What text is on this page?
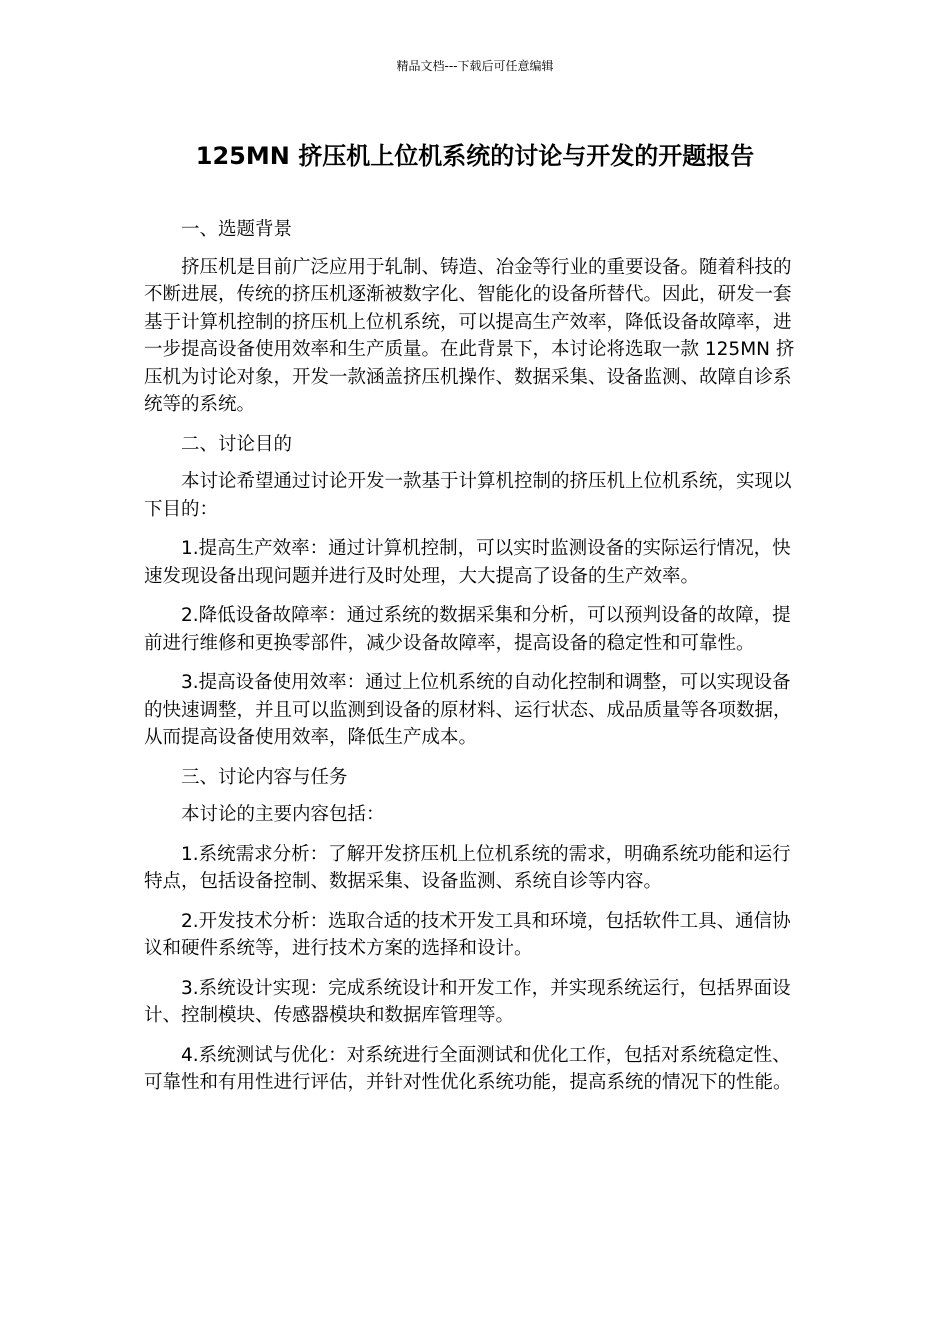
精品文档---下载后可任意编辑
125MN 挤压机上位机系统的讨论与开发的开题报告

一、选题背景

挤压机是目前广泛应用于轧制、铸造、冶金等行业的重要设备。随着科技的不断进展，传统的挤压机逐渐被数字化、智能化的设备所替代。因此，研发一套基于计算机控制的挤压机上位机系统，可以提高生产效率，降低设备故障率，进一步提高设备使用效率和生产质量。在此背景下，本讨论将选取一款 125MN 挤压机为讨论对象，开发一款涵盖挤压机操作、数据采集、设备监测、故障自诊系统等的系统。

二、讨论目的

本讨论希望通过讨论开发一款基于计算机控制的挤压机上位机系统，实现以下目的：

1.提高生产效率：通过计算机控制，可以实时监测设备的实际运行情况，快速发现设备出现问题并进行及时处理，大大提高了设备的生产效率。

2.降低设备故障率：通过系统的数据采集和分析，可以预判设备的故障，提前进行维修和更换零部件，减少设备故障率，提高设备的稳定性和可靠性。

3.提高设备使用效率：通过上位机系统的自动化控制和调整，可以实现设备的快速调整，并且可以监测到设备的原材料、运行状态、成品质量等各项数据，从而提高设备使用效率，降低生产成本。

三、讨论内容与任务

本讨论的主要内容包括：

1.系统需求分析：了解开发挤压机上位机系统的需求，明确系统功能和运行特点，包括设备控制、数据采集、设备监测、系统自诊等内容。

2.开发技术分析：选取合适的技术开发工具和环境，包括软件工具、通信协议和硬件系统等，进行技术方案的选择和设计。

3.系统设计实现：完成系统设计和开发工作，并实现系统运行，包括界面设计、控制模块、传感器模块和数据库管理等。

4.系统测试与优化：对系统进行全面测试和优化工作，包括对系统稳定性、可靠性和有用性进行评估，并针对性优化系统功能，提高系统的情况下的性能。
